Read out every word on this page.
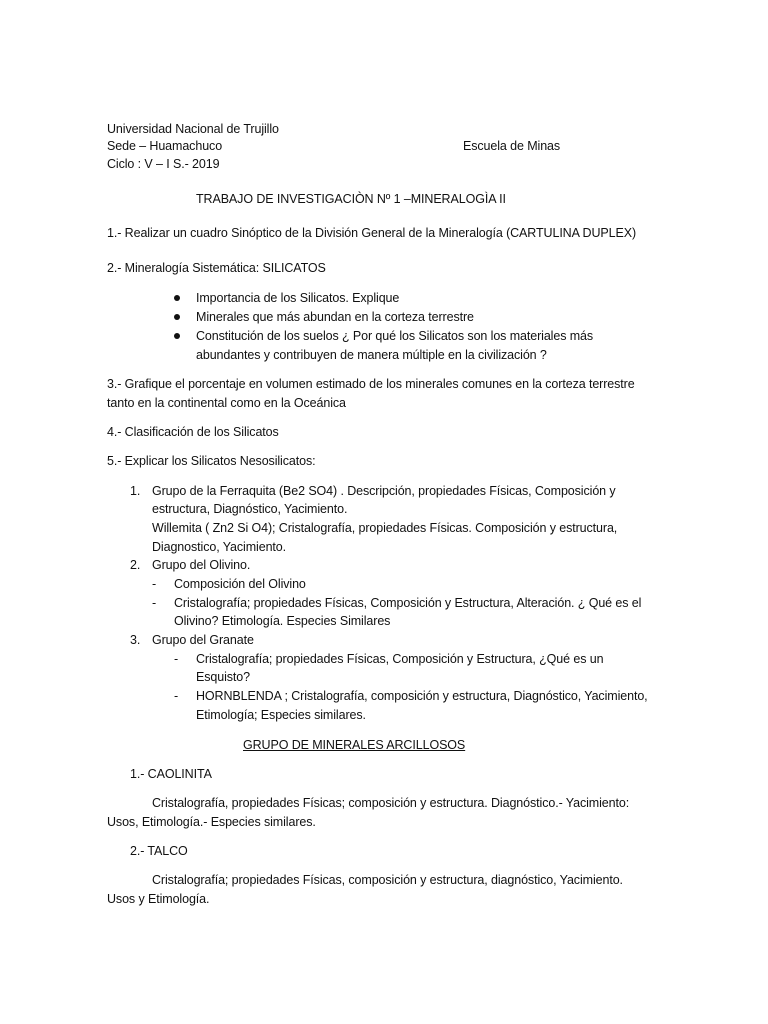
Universidad Nacional de Trujillo
Sede – Huamachuco	Escuela de Minas
Ciclo : V – I S.- 2019
TRABAJO DE INVESTIGACIÒN Nº 1 –MINERALOGÌA II
1.- Realizar un cuadro Sinóptico de la División General de la Mineralogía (CARTULINA DUPLEX)
2.- Mineralogía Sistemática: SILICATOS
Importancia de los Silicatos. Explique
Minerales que más abundan en la corteza terrestre
Constitución de los suelos ¿ Por qué los Silicatos son los materiales más
abundantes y contribuyen de manera múltiple en la civilización ?
3.- Grafique el porcentaje en volumen estimado de los minerales comunes en la corteza terrestre
tanto en la continental como en la Oceánica
4.- Clasificación de los Silicatos
5.- Explicar los Silicatos Nesosilicatos:
1. Grupo de la Ferraquita (Be2 SO4) . Descripción, propiedades Físicas, Composición y
estructura, Diagnóstico, Yacimiento.
Willemita ( Zn2 Si O4); Cristalografía, propiedades Físicas. Composición y estructura,
Diagnostico, Yacimiento.
2. Grupo del Olivino.
- Composición del Olivino
- Cristalografía; propiedades Físicas, Composición y Estructura, Alteración. ¿ Qué es el
Olivino? Etimología. Especies Similares
3. Grupo del Granate
- Cristalografía; propiedades Físicas, Composición y Estructura, ¿Qué es un
Esquisto?
- HORNBLENDA ; Cristalografía, composición y estructura, Diagnóstico, Yacimiento,
Etimología; Especies similares.
GRUPO DE MINERALES ARCILLOSOS
1.- CAOLINITA
Cristalografía, propiedades Físicas; composición y estructura. Diagnóstico.- Yacimiento:
Usos, Etimología.- Especies similares.
2.- TALCO
Cristalografía; propiedades Físicas, composición y estructura, diagnóstico, Yacimiento.
Usos y Etimología.
